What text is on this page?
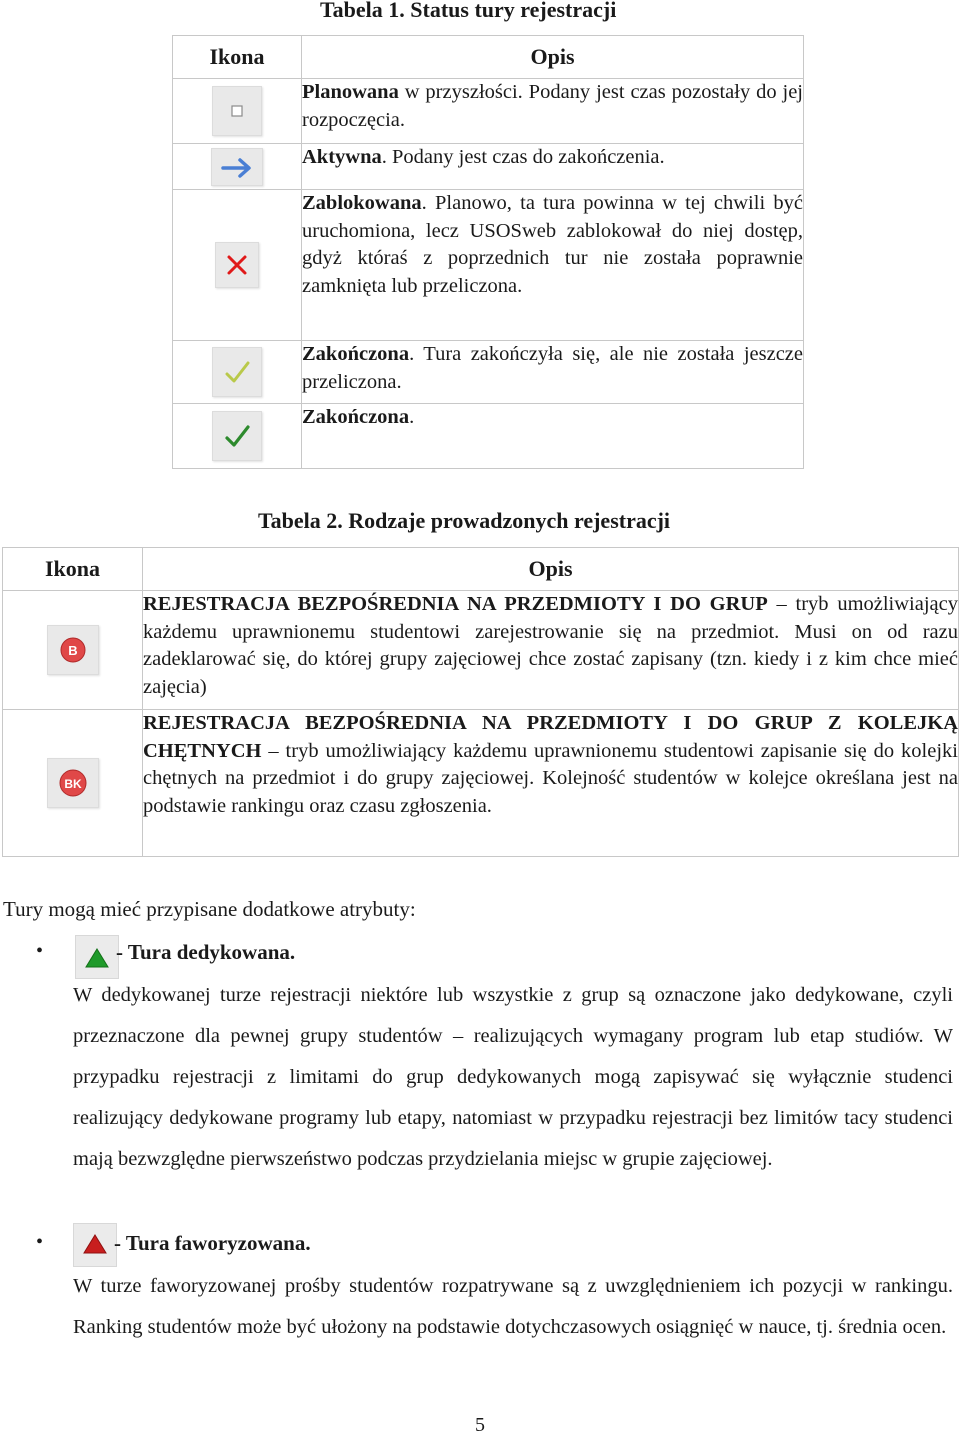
Tabela 1. Status tury rejestracji
Ikona	Opis

	Planowana w przyszłości. Podany jest czas pozostały do jej rozpoczęcia.

	Aktywna. Podany jest czas do zakończenia.

	Zablokowana. Planowo, ta tura powinna w tej chwili być uruchomiona, lecz USOSweb zablokował do niej dostęp, gdyż któraś z poprzednich tur nie została poprawnie zamknięta lub przeliczona.

	Zakończona. Tura zakończyła się, ale nie została jeszcze przeliczona.

	Zakończona.
Tabela 2. Rodzaje prowadzonych rejestracji
Ikona	Opis

B	REJESTRACJA BEZPOŚREDNIA NA PRZEDMIOTY I DO GRUP – tryb umożliwiający każdemu uprawnionemu studentowi zarejestrowanie się na przedmiot. Musi on od razu zadeklarować się, do której grupy zajęciowej chce zostać zapisany (tzn. kiedy i z kim chce mieć zajęcia)

BK	REJESTRACJA BEZPOŚREDNIA NA PRZEDMIOTY I DO GRUP Z KOLEJKĄ CHĘTNYCH – tryb umożliwiający każdemu uprawnionemu studentowi zapisanie się do kolejki chętnych na przedmiot i do grupy zajęciowej. Kolejność studentów w kolejce określana jest na podstawie rankingu oraz czasu zgłoszenia.
Tury mogą mieć przypisane dodatkowe atrybuty:
•	- Tura dedykowana.
W dedykowanej turze rejestracji niektóre lub wszystkie z grup są oznaczone jako dedykowane, czyli przeznaczone dla pewnej grupy studentów – realizujących wymagany program lub etap studiów. W przypadku rejestracji z limitami do grup dedykowanych mogą zapisywać się wyłącznie studenci realizujący dedykowane programy lub etapy, natomiast w przypadku rejestracji bez limitów tacy studenci mają bezwzględne pierwszeństwo podczas przydzielania miejsc w grupie zajęciowej.
•	- Tura faworyzowana.
W turze faworyzowanej prośby studentów rozpatrywane są z uwzględnieniem ich pozycji w rankingu. Ranking studentów może być ułożony na podstawie dotychczasowych osiągnięć w nauce, tj. średnia ocen.
5
